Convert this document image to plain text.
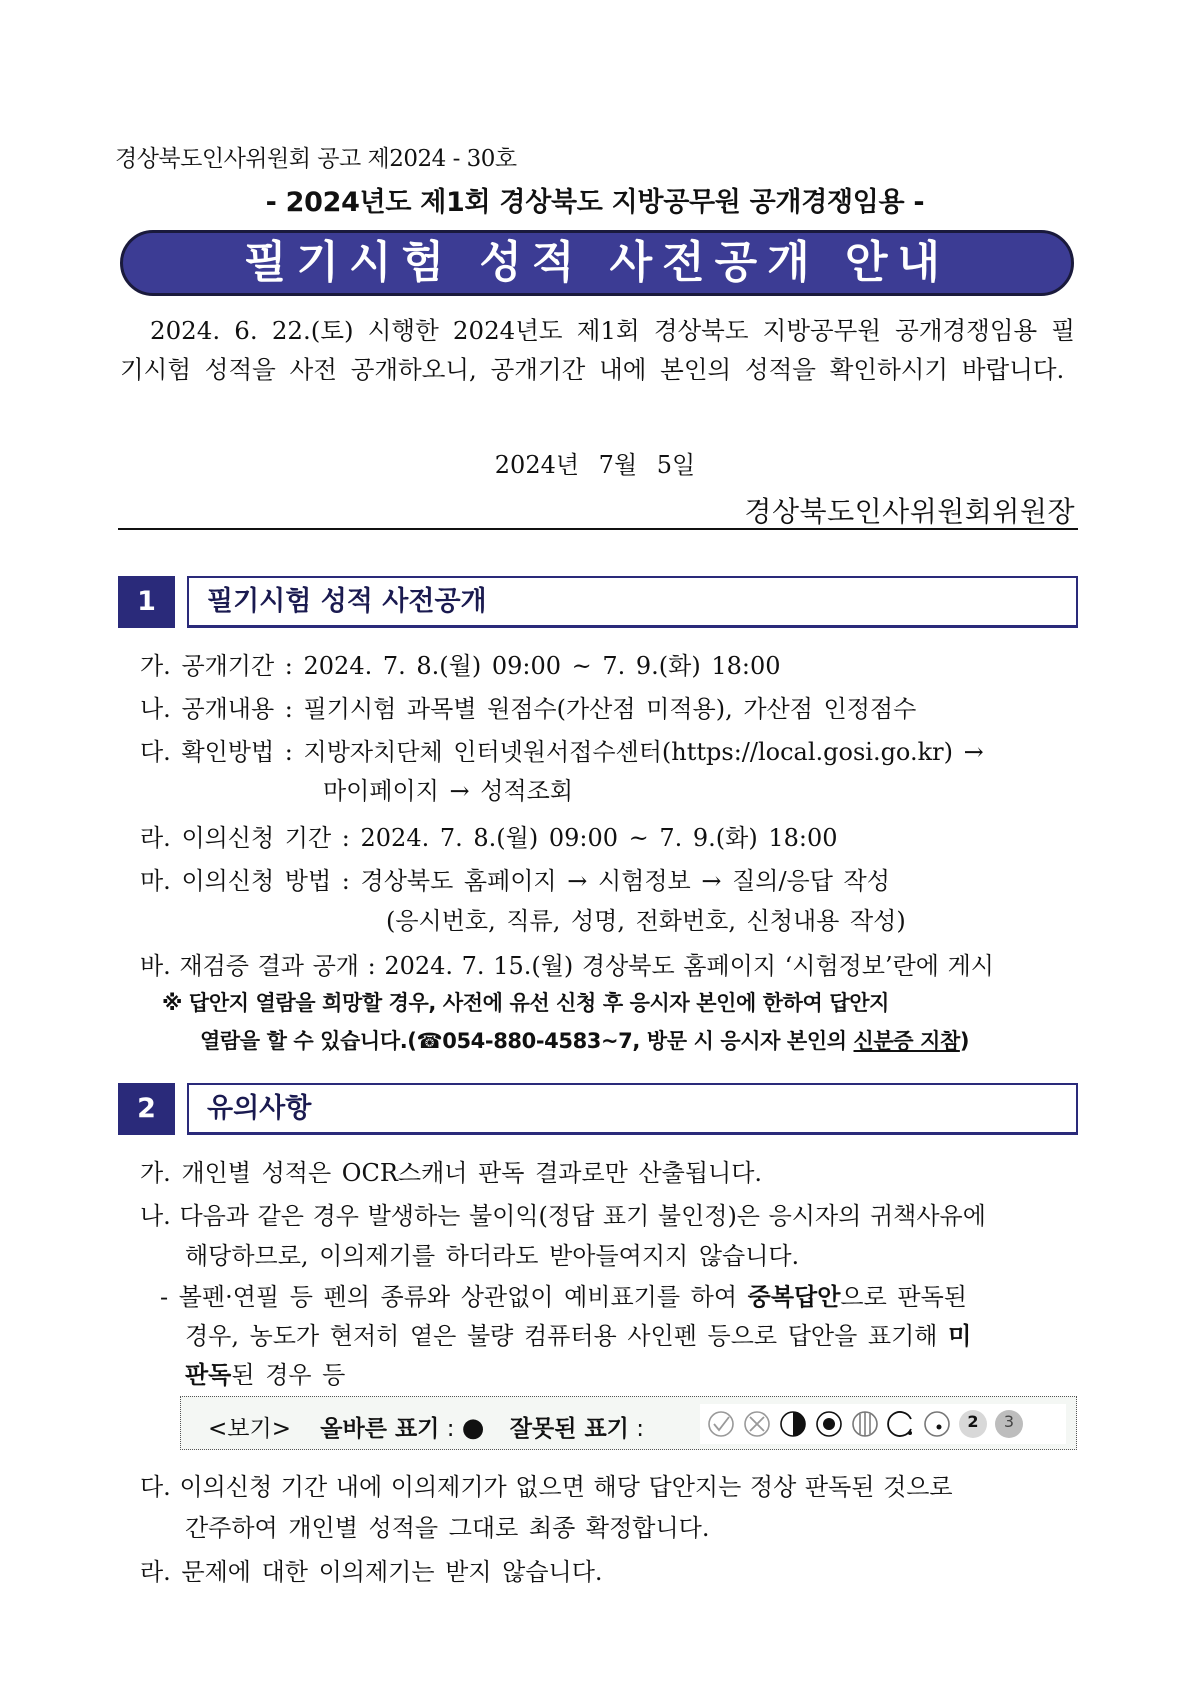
경상북도인사위원회 공고 제2024 - 30호
- 2024년도 제1회 경상북도 지방공무원 공개경쟁임용 -
필기시험 성적 사전공개 안내
2024. 6. 22.(토) 시행한 2024년도 제1회 경상북도 지방공무원 공개경쟁임용 필기시험 성적을 사전 공개하오니, 공개기간 내에 본인의 성적을 확인하시기 바랍니다.
2024년 7월 5일
경상북도인사위원회위원장
1	필기시험 성적 사전공개
가. 공개기간 : 2024. 7. 8.(월) 09:00 ~ 7. 9.(화) 18:00
나. 공개내용 : 필기시험 과목별 원점수(가산점 미적용), 가산점 인정점수
다. 확인방법 : 지방자치단체 인터넷원서접수센터(https://local.gosi.go.kr) →
마이페이지 → 성적조회
라. 이의신청 기간 : 2024. 7. 8.(월) 09:00 ~ 7. 9.(화) 18:00
마. 이의신청 방법 : 경상북도 홈페이지 → 시험정보 → 질의/응답 작성
(응시번호, 직류, 성명, 전화번호, 신청내용 작성)
바. 재검증 결과 공개 : 2024. 7. 15.(월) 경상북도 홈페이지 ‘시험정보’란에 게시
※ 답안지 열람을 희망할 경우, 사전에 유선 신청 후 응시자 본인에 한하여 답안지
열람을 할 수 있습니다.(☎054-880-4583~7, 방문 시 응시자 본인의 신분증 지참)
2	유의사항
가. 개인별 성적은 OCR스캐너 판독 결과로만 산출됩니다.
나. 다음과 같은 경우 발생하는 불이익(정답 표기 불인정)은 응시자의 귀책사유에
해당하므로, 이의제기를 하더라도 받아들여지지 않습니다.
- 볼펜·연필 등 펜의 종류와 상관없이 예비표기를 하여 중복답안으로 판독된
경우, 농도가 현저히 옅은 불량 컴퓨터용 사인펜 등으로 답안을 표기해 미
판독된 경우 등
<보기> 올바른 표기 : ● 잘못된 표기 :	2	3
다. 이의신청 기간 내에 이의제기가 없으면 해당 답안지는 정상 판독된 것으로
간주하여 개인별 성적을 그대로 최종 확정합니다.
라. 문제에 대한 이의제기는 받지 않습니다.
